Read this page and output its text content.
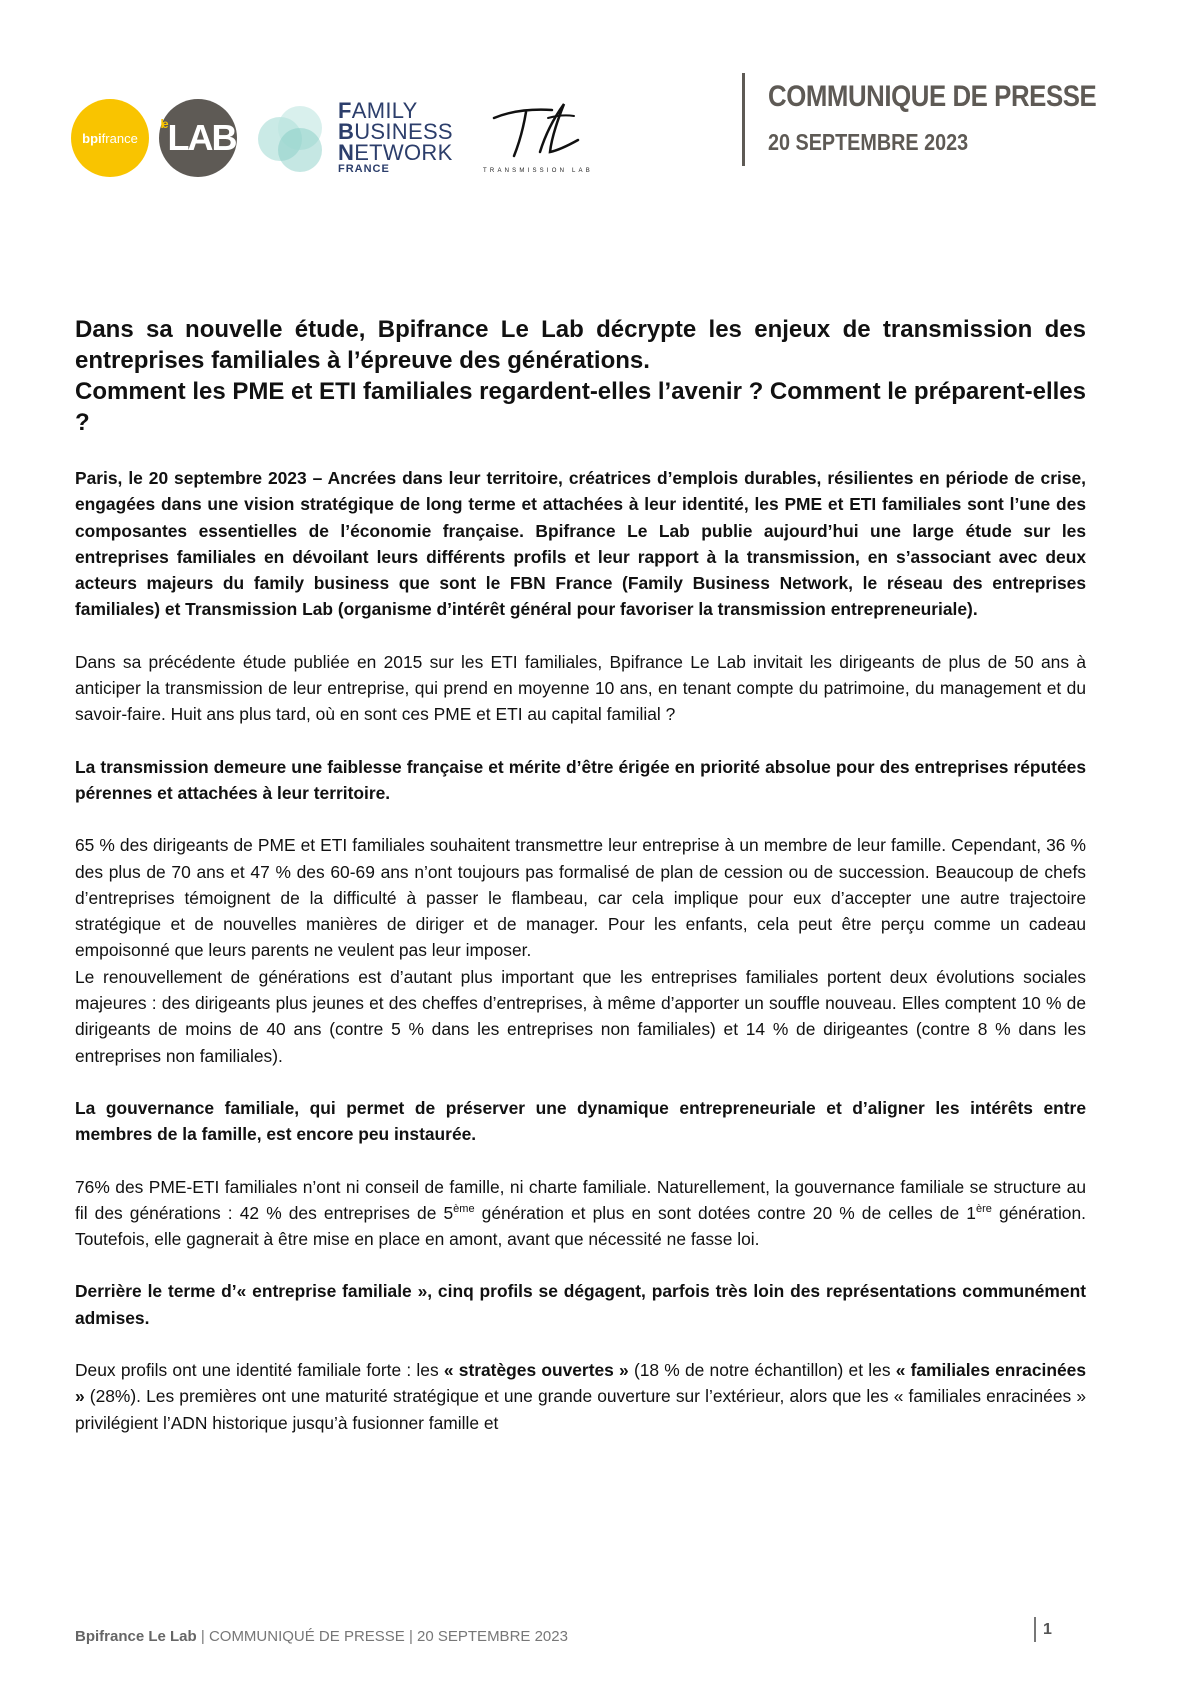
bpi france
le LAB
FAMILY
BUSINESS
NETWORK
FRANCE	TRANSMISSION LAB
COMMUNIQUE DE PRESSE
20 SEPTEMBRE 2023
Dans sa nouvelle étude, Bpifrance Le Lab décrypte les enjeux de transmission des entreprises familiales à l’épreuve des générations.
Comment les PME et ETI familiales regardent-elles l’avenir ? Comment le préparent-elles ?

Paris, le 20 septembre 2023 – Ancrées dans leur territoire, créatrices d’emplois durables, résilientes en période de crise, engagées dans une vision stratégique de long terme et attachées à leur identité, les PME et ETI familiales sont l’une des composantes essentielles de l’économie française. Bpifrance Le Lab publie aujourd’hui une large étude sur les entreprises familiales en dévoilant leurs différents profils et leur rapport à la transmission, en s’associant avec deux acteurs majeurs du family business que sont le FBN France (Family Business Network, le réseau des entreprises familiales) et Transmission Lab (organisme d’intérêt général pour favoriser la transmission entrepreneuriale).

Dans sa précédente étude publiée en 2015 sur les ETI familiales, Bpifrance Le Lab invitait les dirigeants de plus de 50 ans à anticiper la transmission de leur entreprise, qui prend en moyenne 10 ans, en tenant compte du patrimoine, du management et du savoir-faire. Huit ans plus tard, où en sont ces PME et ETI au capital familial ?

La transmission demeure une faiblesse française et mérite d’être érigée en priorité absolue pour des entreprises réputées pérennes et attachées à leur territoire.

65 % des dirigeants de PME et ETI familiales souhaitent transmettre leur entreprise à un membre de leur famille. Cependant, 36 % des plus de 70 ans et 47 % des 60-69 ans n’ont toujours pas formalisé de plan de cession ou de succession. Beaucoup de chefs d’entreprises témoignent de la difficulté à passer le flambeau, car cela implique pour eux d’accepter une autre trajectoire stratégique et de nouvelles manières de diriger et de manager. Pour les enfants, cela peut être perçu comme un cadeau empoisonné que leurs parents ne veulent pas leur imposer.

Le renouvellement de générations est d’autant plus important que les entreprises familiales portent deux évolutions sociales majeures : des dirigeants plus jeunes et des cheffes d’entreprises, à même d’apporter un souffle nouveau. Elles comptent 10 % de dirigeants de moins de 40 ans (contre 5 % dans les entreprises non familiales) et 14 % de dirigeantes (contre 8 % dans les entreprises non familiales).

La gouvernance familiale, qui permet de préserver une dynamique entrepreneuriale et d’aligner les intérêts entre membres de la famille, est encore peu instaurée.

76% des PME-ETI familiales n’ont ni conseil de famille, ni charte familiale. Naturellement, la gouvernance familiale se structure au fil des générations : 42 % des entreprises de 5ème génération et plus en sont dotées contre 20 % de celles de 1ère génération. Toutefois, elle gagnerait à être mise en place en amont, avant que nécessité ne fasse loi.

Derrière le terme d’« entreprise familiale », cinq profils se dégagent, parfois très loin des représentations communément admises.

Deux profils ont une identité familiale forte : les « stratèges ouvertes » (18 % de notre échantillon) et les « familiales enracinées » (28%). Les premières ont une maturité stratégique et une grande ouverture sur l’extérieur, alors que les « familiales enracinées » privilégient l’ADN historique jusqu’à fusionner famille et

Bpifrance Le Lab | COMMUNIQUÉ DE PRESSE | 20 SEPTEMBRE 2023	1
